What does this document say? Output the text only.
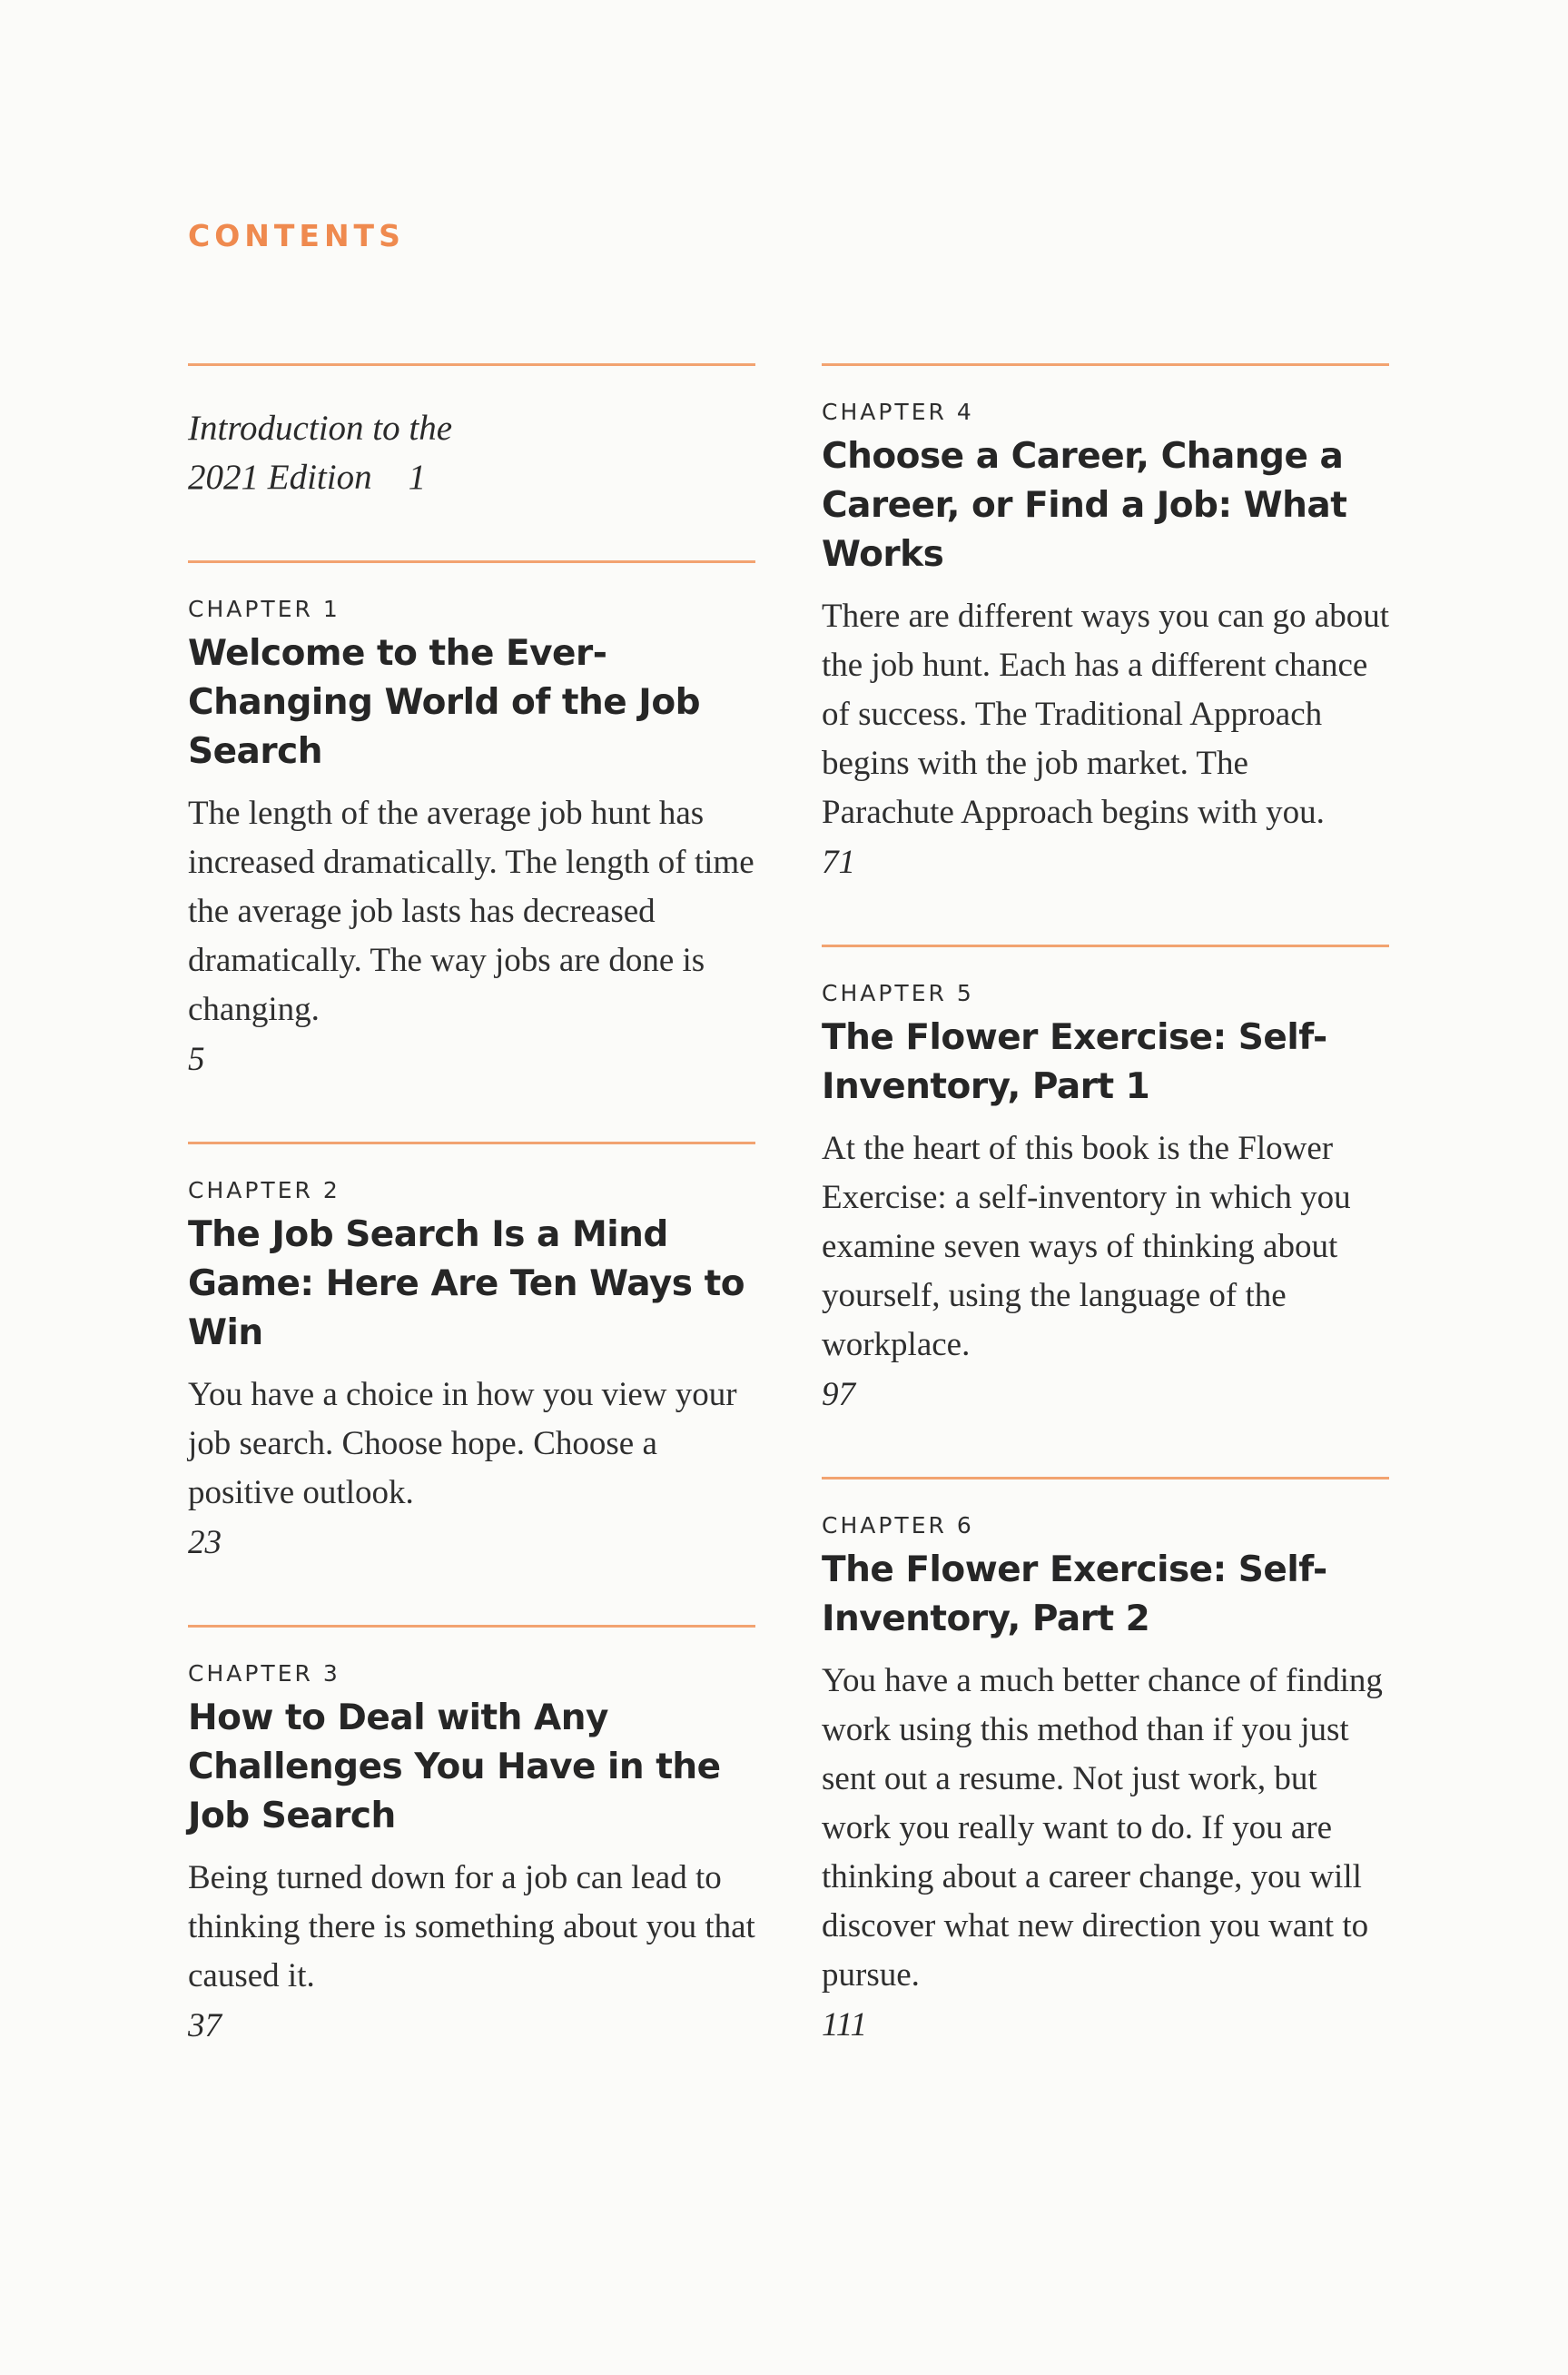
CONTENTS
Introduction to the
2021 Edition 1
CHAPTER 1
Welcome to the Ever-Changing World of the Job Search
The length of the average job hunt has increased dramatically. The length of time the average job lasts has decreased dramatically. The way jobs are done is changing.
5
CHAPTER 2
The Job Search Is a Mind Game: Here Are Ten Ways to Win
You have a choice in how you view your job search. Choose hope. Choose a positive outlook.
23
CHAPTER 3
How to Deal with Any Challenges You Have in the Job Search
Being turned down for a job can lead to thinking there is something about you that caused it.
37
CHAPTER 4
Choose a Career, Change a Career, or Find a Job: What Works
There are different ways you can go about the job hunt. Each has a different chance of success. The Traditional Approach begins with the job market. The Parachute Approach begins with you.
71
CHAPTER 5
The Flower Exercise: Self-Inventory, Part 1
At the heart of this book is the Flower Exercise: a self-inventory in which you examine seven ways of thinking about yourself, using the language of the workplace.
97
CHAPTER 6
The Flower Exercise: Self-Inventory, Part 2
You have a much better chance of finding work using this method than if you just sent out a resume. Not just work, but work you really want to do. If you are thinking about a career change, you will discover what new direction you want to pursue.
111
